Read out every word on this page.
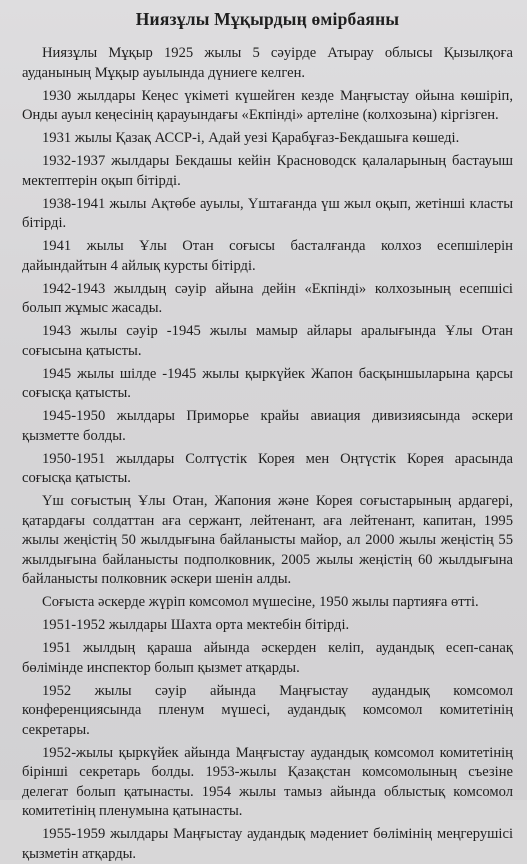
Ниязұлы Мұқырдың өмірбаяны

Ниязұлы Мұқыр 1925 жылы 5 сәуірде Атырау облысы Қызылқоға ауданының Мұқыр ауылында дүниеге келген.

1930 жылдары Кеңес үкіметі күшейген кезде Маңғыстау ойына көшіріп, Онды ауыл кеңесінің қарауындағы «Екпінді» артеліне (колхозына) кіргізген.

1931 жылы Қазақ АССР-і, Адай уезі Қарабұғаз-Бекдашыға көшеді.

1932-1937 жылдары Бекдашы кейін Красноводск қалаларының бастауыш мектептерін оқып бітірді.

1938-1941 жылы Ақтөбе ауылы, Үштағанда үш жыл оқып, жетінші класты бітірді.

1941 жылы Ұлы Отан соғысы басталғанда колхоз есепшілерін дайындайтын 4 айлық курсты бітірді.

1942-1943 жылдың сәуір айына дейін «Екпінді» колхозының есепшісі болып жұмыс жасады.

1943 жылы сәуір -1945 жылы мамыр айлары аралығында Ұлы Отан соғысына қатысты.

1945 жылы шілде -1945 жылы қыркүйек Жапон басқыншыларына қарсы соғысқа қатысты.

1945-1950 жылдары Приморье крайы авиация дивизиясында әскери қызметте болды.

1950-1951 жылдары Солтүстік Корея мен Оңтүстік Корея арасында соғысқа қатысты.

Үш соғыстың Ұлы Отан, Жапония және Корея соғыстарының ардагері, қатардағы солдаттан аға сержант, лейтенант, аға лейтенант, капитан, 1995 жылы жеңістің 50 жылдығына байланысты майор, ал 2000 жылы жеңістің 55 жылдығына байланысты подполковник, 2005 жылы жеңістің 60 жылдығына байланысты полковник әскери шенін алды.

Соғыста әскерде жүріп комсомол мүшесіне, 1950 жылы партияға өтті.

1951-1952 жылдары Шахта орта мектебін бітірді.

1951 жылдың қараша айында әскерден келіп, аудандық есеп-санақ бөлімінде инспектор болып қызмет атқарды.

1952 жылы сәуір айында Маңғыстау аудандық комсомол конференциясында пленум мүшесі, аудандық комсомол комитетінің секретары.

1952-жылы қыркүйек айында Маңғыстау аудандық комсомол комитетінің бірінші секретарь болды. 1953-жылы Қазақстан комсомолының съезіне делегат болып қатынасты. 1954 жылы тамыз айында облыстық комсомол комитетінің пленумына қатынасты.

1955-1959 жылдары Маңғыстау аудандық мәдениет бөлімінің меңгерушісі қызметін атқарды.
